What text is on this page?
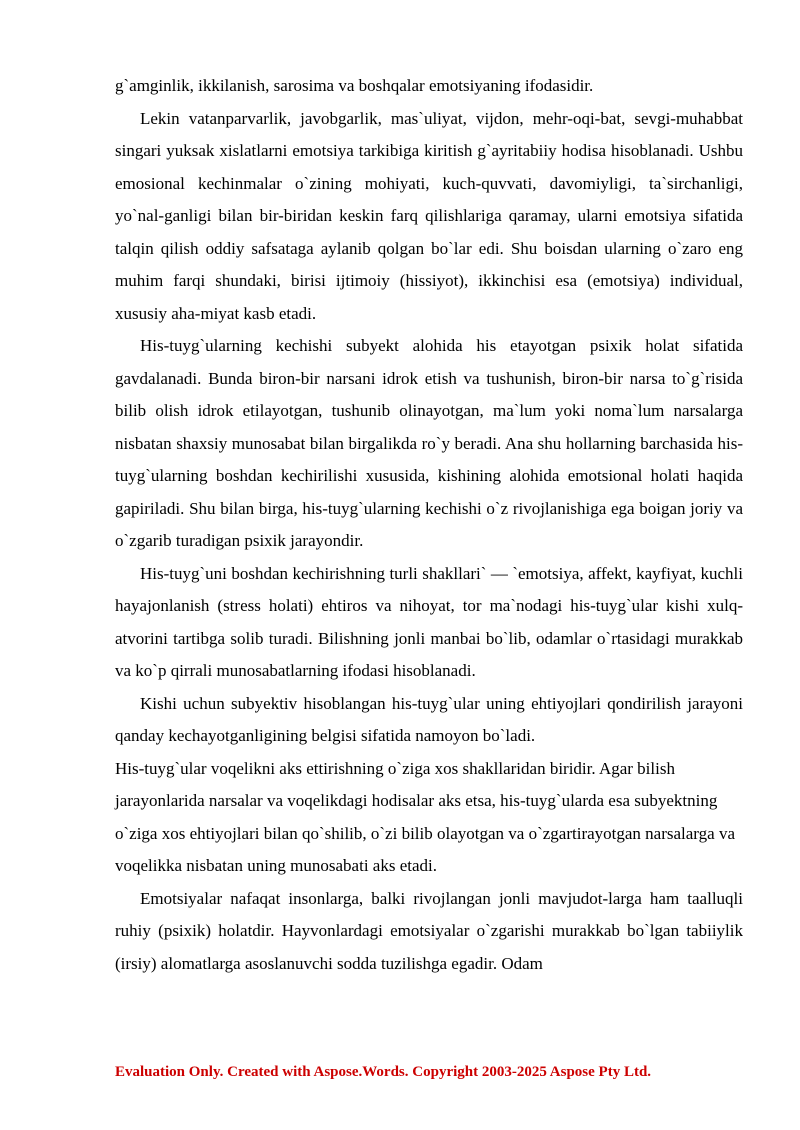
g`amginlik, ikkilanish, sarosima va boshqalar emotsiyaning ifodasidir.

Lekin vatanparvarlik, javobgarlik, mas`uliyat, vijdon, mehr-oqi-bat, sevgi-muhabbat singari yuksak xislatlarni emotsiya tarkibiga kiritish g`ayritabiiy hodisa hisoblanadi. Ushbu emosional kechinmalar o`zining mohiyati, kuch-quvvati, davomiyligi, ta`sirchanligi, yo`nal-ganligi bilan bir-biridan keskin farq qilishlariga qaramay, ularni emotsiya sifatida talqin qilish oddiy safsataga aylanib qolgan bo`lar edi. Shu boisdan ularning o`zaro eng muhim farqi shundaki, birisi ijtimoiy (hissiyot), ikkinchisi esa (emotsiya) individual, xususiy aha-miyat kasb etadi.

His-tuyg`ularning kechishi subyekt alohida his etayotgan psixik holat sifatida gavdalanadi. Bunda biron-bir narsani idrok etish va tushunish, biron-bir narsa to`g`risida bilib olish idrok etilayotgan, tushunib olinayotgan, ma`lum yoki noma`lum narsalarga nisbatan shaxsiy munosabat bilan birgalikda ro`y beradi. Ana shu hollarning barchasida his-tuyg`ularning boshdan kechirilishi xususida, kishining alohida emotsional holati haqida gapiriladi. Shu bilan birga, his-tuyg`ularning kechishi o`z rivojlanishiga ega boigan joriy va o`zgarib turadigan psixik jarayondir.

His-tuyg`uni boshdan kechirishning turli shakllari` — `emotsiya, affekt, kayfiyat, kuchli hayajonlanish (stress holati) ehtiros va nihoyat, tor ma`nodagi his-tuyg`ular kishi xulq-atvorini tartibga solib turadi. Bilishning jonli manbai bo`lib, odamlar o`rtasidagi murakkab va ko`p qirrali munosabatlarning ifodasi hisoblanadi.

Kishi uchun subyektiv hisoblangan his-tuyg`ular uning ehtiyojlari qondirilish jarayoni qanday kechayotganligining belgisi sifatida namoyon bo`ladi.

His-tuyg`ular voqelikni aks ettirishning o`ziga xos shakllaridan biridir. Agar bilish jarayonlarida narsalar va voqelikdagi hodisalar aks etsa, his-tuyg`ularda esa subyektning o`ziga xos ehtiyojlari bilan qo`shilib, o`zi bilib olayotgan va o`zgartirayotgan narsalarga va voqelikka nisbatan uning munosabati aks etadi.

Emotsiyalar nafaqat insonlarga, balki rivojlangan jonli mavjudot-larga ham taalluqli ruhiy (psixik) holatdir. Hayvonlardagi emotsiyalar o`zgarishi murakkab bo`lgan tabiiylik (irsiy) alomatlarga asoslanuvchi sodda tuzilishga egadir. Odam

Evaluation Only. Created with Aspose.Words. Copyright 2003-2025 Aspose Pty Ltd.
